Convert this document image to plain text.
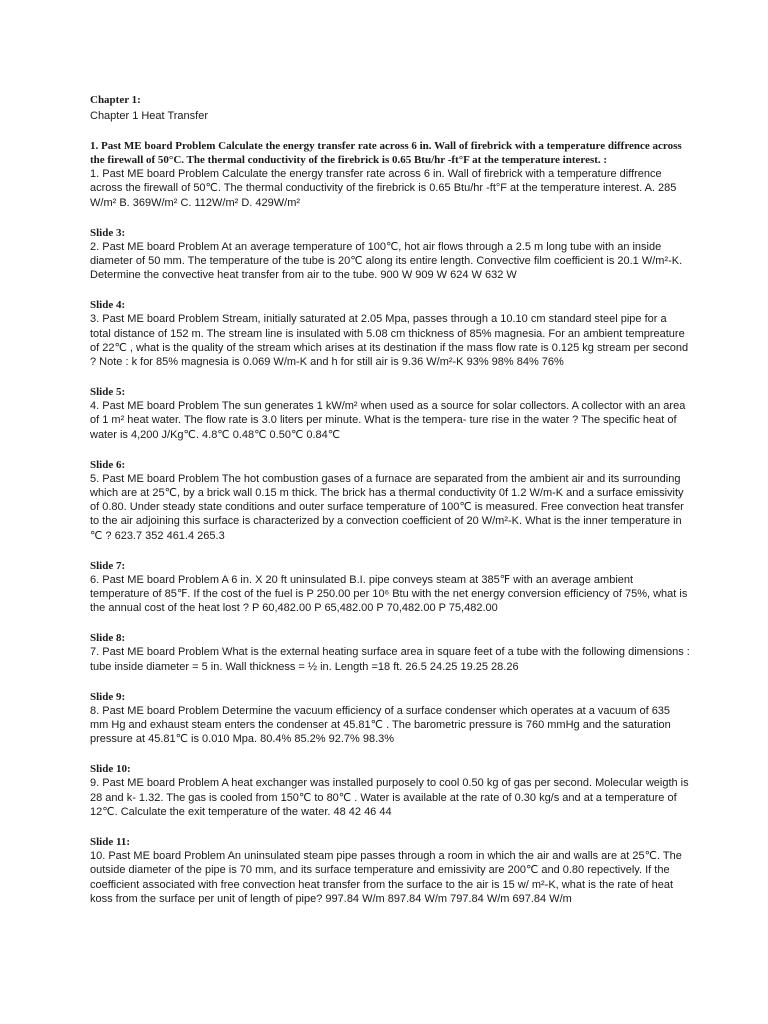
Chapter 1:

Chapter 1 Heat Transfer

1. Past ME board Problem Calculate the energy transfer rate across 6 in. Wall of firebrick with a temperature diffrence across the firewall of 50°C. The thermal conductivity of the firebrick is 0.65 Btu/hr -ft°F at the temperature interest. :

1. Past ME board Problem Calculate the energy transfer rate across 6 in. Wall of firebrick with a temperature diffrence across the firewall of 50℃. The thermal conductivity of the firebrick is 0.65 Btu/hr -ft°F at the temperature interest. A. 285 W/m² B. 369W/m² C. 112W/m² D. 429W/m²

Slide 3:

2. Past ME board Problem At an average temperature of 100℃, hot air flows through a 2.5 m long tube with an inside diameter of 50 mm. The temperature of the tube is 20℃ along its entire length. Convective film coefficient is 20.1 W/m²-K. Determine the convective heat transfer from air to the tube. 900 W 909 W 624 W 632 W

Slide 4:

3. Past ME board Problem Stream, initially saturated at 2.05 Mpa, passes through a 10.10 cm standard steel pipe for a total distance of 152 m. The stream line is insulated with 5.08 cm thickness of 85% magnesia. For an ambient tempreature of 22℃ , what is the quality of the stream which arises at its destination if the mass flow rate is 0.125 kg stream per second ? Note : k for 85% magnesia is 0.069 W/m-K and h for still air is 9.36 W/m²-K 93% 98% 84% 76%

Slide 5:

4. Past ME board Problem The sun generates 1 kW/m² when used as a source for solar collectors. A collector with an area of 1 m² heat water. The flow rate is 3.0 liters per minute. What is the tempera- ture rise in the water ? The specific heat of water is 4,200 J/Kg℃. 4.8℃ 0.48℃ 0.50℃ 0.84℃

Slide 6:

5. Past ME board Problem The hot combustion gases of a furnace are separated from the ambient air and its surrounding which are at 25℃, by a brick wall 0.15 m thick. The brick has a thermal conductivity 0f 1.2 W/m-K and a surface emissivity of 0.80. Under steady state conditions and outer surface temperature of 100℃ is measured. Free convection heat transfer to the air adjoining this surface is characterized by a convection coefficient of 20 W/m²-K. What is the inner temperature in ℃ ? 623.7 352 461.4 265.3

Slide 7:

6. Past ME board Problem A 6 in. X 20 ft uninsulated B.I. pipe conveys steam at 385℉ with an average ambient temperature of 85℉. If the cost of the fuel is P 250.00 per 10⁶ Btu with the net energy conversion efficiency of 75%, what is the annual cost of the heat lost ? P 60,482.00 P 65,482.00 P 70,482.00 P 75,482.00

Slide 8:

7. Past ME board Problem What is the external heating surface area in square feet of a tube with the following dimensions : tube inside diameter = 5 in. Wall thickness = ½ in. Length =18 ft. 26.5 24.25 19.25 28.26

Slide 9:

8. Past ME board Problem Determine the vacuum efficiency of a surface condenser which operates at a vacuum of 635 mm Hg and exhaust steam enters the condenser at 45.81℃ . The barometric pressure is 760 mmHg and the saturation pressure at 45.81℃ is 0.010 Mpa. 80.4% 85.2% 92.7% 98.3%

Slide 10:

9. Past ME board Problem A heat exchanger was installed purposely to cool 0.50 kg of gas per second. Molecular weigth is 28 and k- 1.32. The gas is cooled from 150℃ to 80℃ . Water is available at the rate of 0.30 kg/s and at a temperature of 12℃. Calculate the exit temperature of the water. 48 42 46 44

Slide 11:

10. Past ME board Problem An uninsulated steam pipe passes through a room in which the air and walls are at 25℃. The outside diameter of the pipe is 70 mm, and its surface temperature and emissivity are 200℃ and 0.80 repectively. If the coefficient associated with free convection heat transfer from the surface to the air is 15 w/ m²-K, what is the rate of heat koss from the surface per unit of length of pipe? 997.84 W/m 897.84 W/m 797.84 W/m 697.84 W/m
